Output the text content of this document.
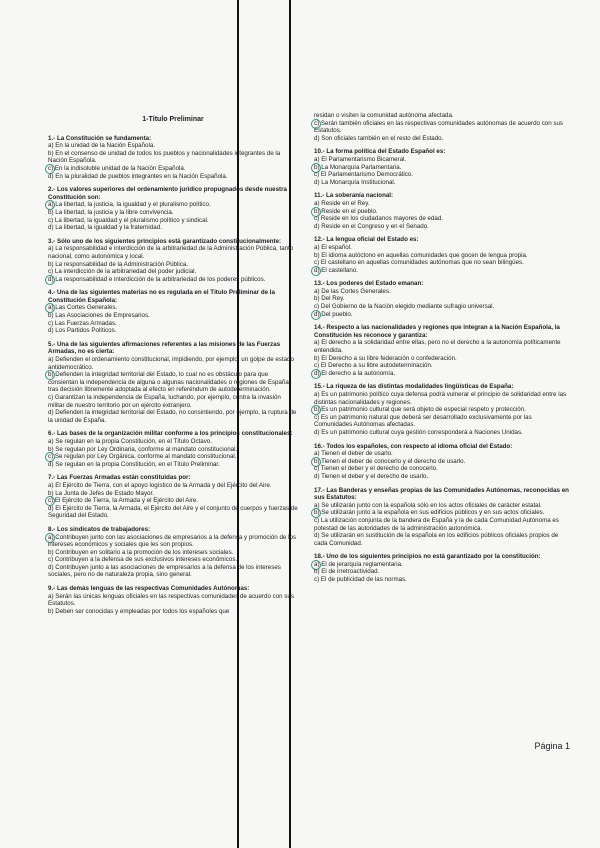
1-Título Preliminar
1.- La Constitución se fundamenta:
a) En la unidad de la Nación Española.
b) En el consenso de unidad de todos los pueblos y nacionalidades integrantes de la Nación Española.
c) En la indisoluble unidad de la Nación Española.
d) En la pluralidad de pueblos integrantes en la Nación Española.
2.- Los valores superiores del ordenamiento jurídico propugnados desde nuestra Constitución son:
a) La libertad, la justicia, la igualdad y el pluralismo político.
b) La libertad, la justicia y la libre convivencia.
c) La libertad, la igualdad y el pluralismo político y sindical.
d) La libertad, la igualdad y la fraternidad.
3.- Sólo uno de los siguientes principios está garantizado constitucionalmente:
a) La responsabilidad e interdicción de la arbitrariedad de la Administración Pública, tanto nacional, como autonómica y local.
b) La responsabilidad de la Administración Pública.
c) La interdicción de la arbitrariedad del poder judicial.
d) La responsabilidad e interdicción de la arbitrariedad de los poderes públicos.
4.- Una de las siguientes materias no es regulada en el Título Preliminar de la Constitución Española:
a) Las Cortes Generales.
b) Las Asociaciones de Empresarios.
c) Las Fuerzas Armadas.
d) Los Partidos Políticos.
5.- Una de las siguientes afirmaciones referentes a las misiones de las Fuerzas Armadas, no es cierta:
a) Defienden el ordenamiento constitucional, impidiendo, por ejemplo, un golpe de estado antidemocrático.
b) Defienden la integridad territorial del Estado, lo cual no es obstáculo para que consientan la independencia de alguna o algunas nacionalidades o regiones de España, tras decisión libremente adoptada al efecto en referéndum de autodeterminación.
c) Garantizan la independencia de España, luchando, por ejemplo, contra la invasión militar de nuestro territorio por un ejército extranjero.
d) Defienden la integridad territorial del Estado, no consintiendo, por ejemplo, la ruptura de la unidad de España.
6.- Las bases de la organización militar conforme a los principios constitucionales:
a) Se regulan en la propia Constitución, en el Título Octavo.
b) Se regulan por Ley Ordinaria, conforme al mandato constitucional.
c) Se regulan por Ley Orgánica, conforme al mandato constitucional.
d) Se regulan en la propia Constitución, en el Título Preliminar.
7.- Las Fuerzas Armadas están constituidas por:
a) El Ejército de Tierra, con el apoyo logístico de la Armada y del Ejército del Aire.
b) La Junta de Jefes de Estado Mayor.
c) El Ejército de Tierra, la Armada y el Ejército del Aire.
d) El Ejército de Tierra, la Armada, el Ejército del Aire y el conjunto de cuerpos y fuerzas de Seguridad del Estado.
8.- Los sindicatos de trabajadores:
a) Contribuyen junto con las asociaciones de empresarios a la defensa y promoción de los intereses económicos y sociales que les son propios.
b) Contribuyen en solitario a la promoción de los intereses sociales.
c) Contribuyen a la defensa de sus exclusivos intereses económicos.
d) Contribuyen junto a las asociaciones de empresarios a la defensa de los intereses sociales, pero no de naturaleza propia, sino general.
9.- Las demás lenguas de las respectivas Comunidades Autónomas:
a) Serán las únicas lenguas oficiales en las respectivas comunidades de acuerdo con sus Estatutos.
b) Deben ser conocidas y empleadas por todos los españoles que
residan o visiten la comunidad autónoma afectada.
c) Serán también oficiales en las respectivas comunidades autónomas de acuerdo con sus Estatutos.
d) Son oficiales también en el resto del Estado.
10.- La forma política del Estado Español es:
a) El Parlamentarismo Bicameral.
b) La Monarquía Parlamentaria.
c) El Parlamentarismo Democrático.
d) La Monarquía Institucional.
11.- La soberanía nacional:
a) Reside en el Rey.
b) Reside en el pueblo.
c) Reside en los ciudadanos mayores de edad.
d) Reside en el Congreso y en el Senado.
12.- La lengua oficial del Estado es:
a) El español.
b) El idioma autóctono en aquellas comunidades que gocen de lengua propia.
c) El castellano en aquellas comunidades autónomas que no sean bilingües.
d) El castellano.
13.- Los poderes del Estado emanan:
a) De las Cortes Generales.
b) Del Rey.
c) Del Gobierno de la Nación elegido mediante sufragio universal.
d) Del pueblo.
14.- Respecto a las nacionalidades y regiones que integran a la Nación Española, la Constitución les reconoce y garantiza:
a) El derecho a la solidaridad entre ellas, pero no el derecho a la autonomía políticamente entendida.
b) El Derecho a su libre federación o confederación.
c) El Derecho a su libre autodeterminación.
d) El derecho a la autonomía.
15.- La riqueza de las distintas modalidades lingüísticas de España:
a) Es un patrimonio político cuya defensa podrá vulnerar el principio de solidaridad entre las distintas nacionalidades y regiones.
b) Es un patrimonio cultural que será objeto de especial respeto y protección.
c) Es un patrimonio natural que deberá ser desarrollado exclusivamente por las Comunidades Autónomas afectadas.
d) Es un patrimonio cultural cuya gestión corresponderá a Naciones Unidas.
16.- Todos los españoles, con respecto al idioma oficial del Estado:
a) Tienen el deber de usarlo.
b) Tienen el deber de conocerlo y el derecho de usarlo.
c) Tienen el deber y el derecho de conocerlo.
d) Tienen el deber y el derecho de usarlo.
17.- Las Banderas y enseñas propias de las Comunidades Autónomas, reconocidas en sus Estatutos:
a) Se utilizarán junto con la española sólo en los actos oficiales de carácter estatal.
b) Se utilizarán junto a la española en sus edificios públicos y en sus actos oficiales.
c) La utilización conjunta de la bandera de España y la de cada Comunidad Autónoma es potestad de las autoridades de la administración autonómica.
d) Se utilizarán en sustitución de la española en los edificios públicos oficiales propios de cada Comunidad.
18.- Uno de los siguientes principios no está garantizado por la constitución:
a) El de jerarquía reglamentaria.
b) El de irretroactividad.
c) El de publicidad de las normas.
Página 1
